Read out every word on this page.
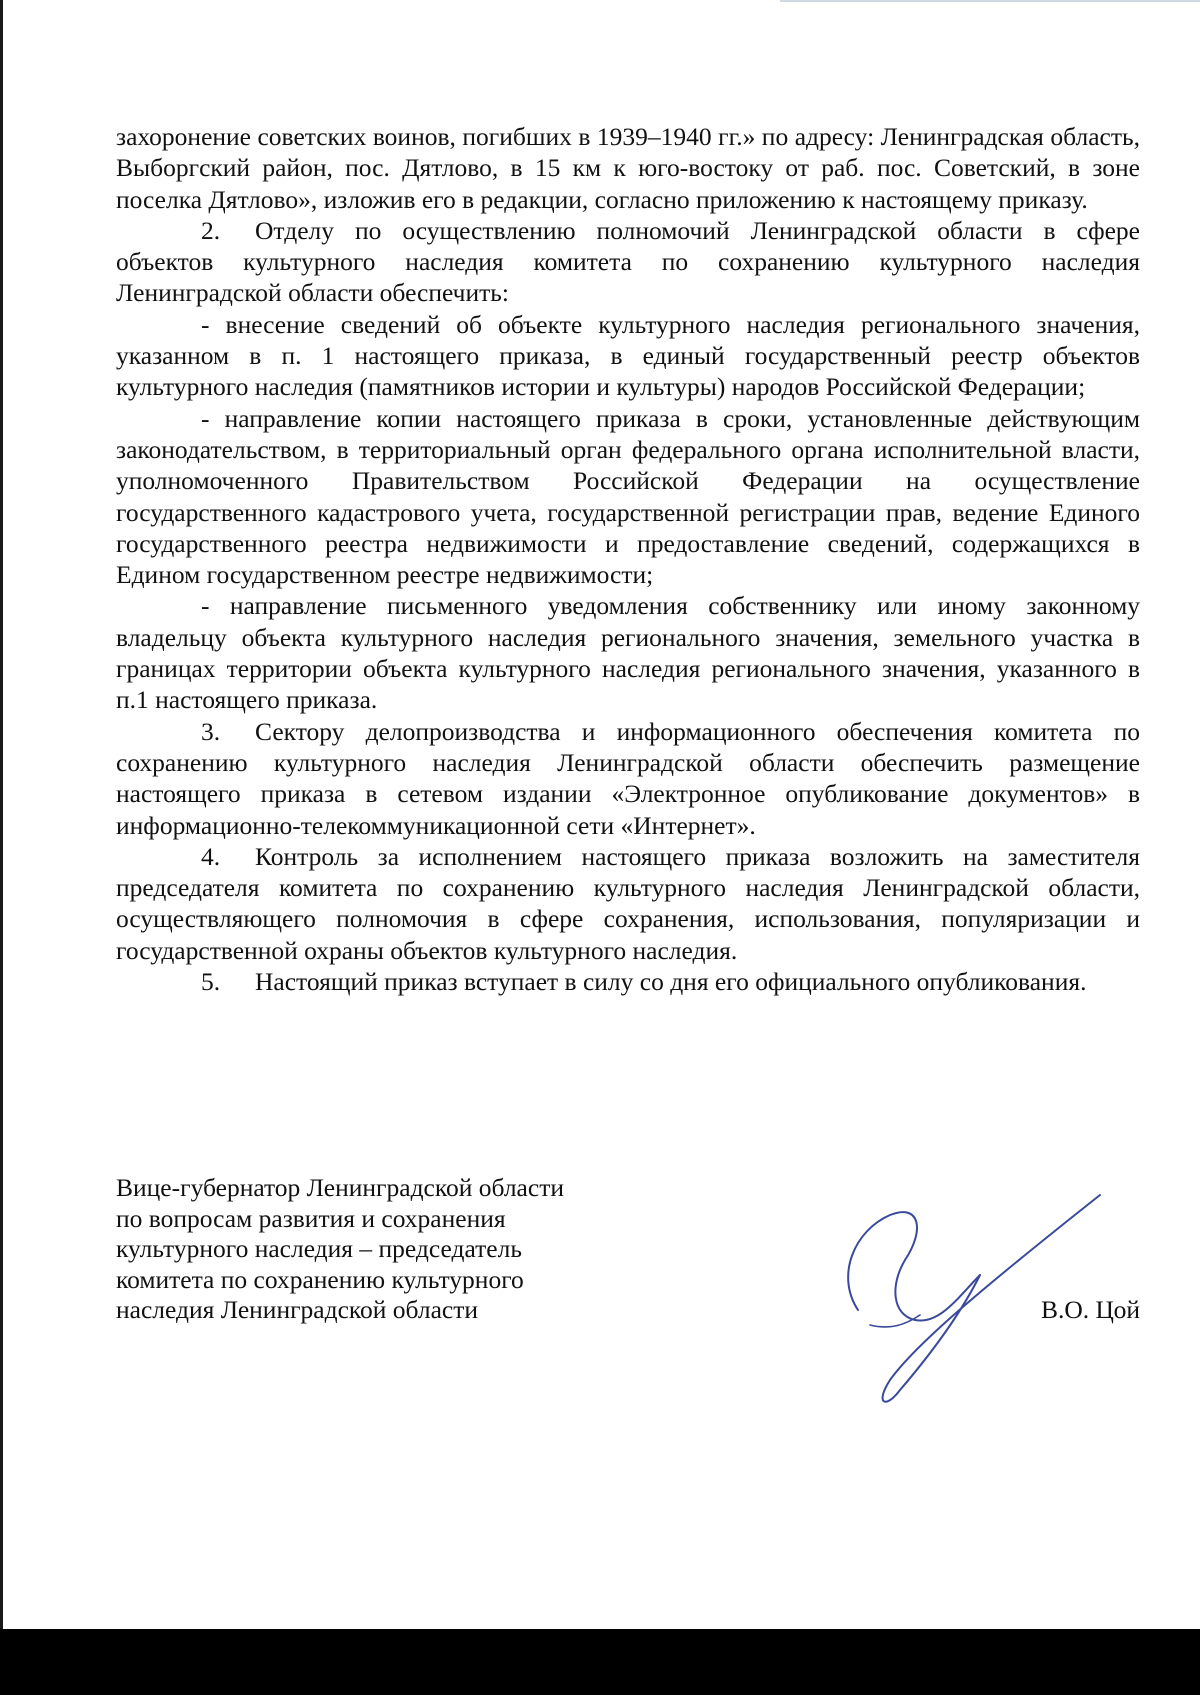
захоронение советских воинов, погибших в 1939–1940 гг.» по адресу: Ленинградская область, Выборгский район, пос. Дятлово, в 15 км к юго-востоку от раб. пос. Советский, в зоне поселка Дятлово», изложив его в редакции, согласно приложению к настоящему приказу.

2. Отделу по осуществлению полномочий Ленинградской области в сфере объектов культурного наследия комитета по сохранению культурного наследия Ленинградской области обеспечить:

- внесение сведений об объекте культурного наследия регионального значения, указанном в п. 1 настоящего приказа, в единый государственный реестр объектов культурного наследия (памятников истории и культуры) народов Российской Федерации;

- направление копии настоящего приказа в сроки, установленные действующим законодательством, в территориальный орган федерального органа исполнительной власти, уполномоченного Правительством Российской Федерации на осуществление государственного кадастрового учета, государственной регистрации прав, ведение Единого государственного реестра недвижимости и предоставление сведений, содержащихся в Едином государственном реестре недвижимости;

- направление письменного уведомления собственнику или иному законному владельцу объекта культурного наследия регионального значения, земельного участка в границах территории объекта культурного наследия регионального значения, указанного в п.1 настоящего приказа.

3. Сектору делопроизводства и информационного обеспечения комитета по сохранению культурного наследия Ленинградской области обеспечить размещение настоящего приказа в сетевом издании «Электронное опубликование документов» в информационно-телекоммуникационной сети «Интернет».

4. Контроль за исполнением настоящего приказа возложить на заместителя председателя комитета по сохранению культурного наследия Ленинградской области, осуществляющего полномочия в сфере сохранения, использования, популяризации и государственной охраны объектов культурного наследия.

5. Настоящий приказ вступает в силу со дня его официального опубликования.

Вице-губернатор Ленинградской области
по вопросам развития и сохранения
культурного наследия – председатель
комитета по сохранению культурного
наследия Ленинградской области	В.О. Цой
